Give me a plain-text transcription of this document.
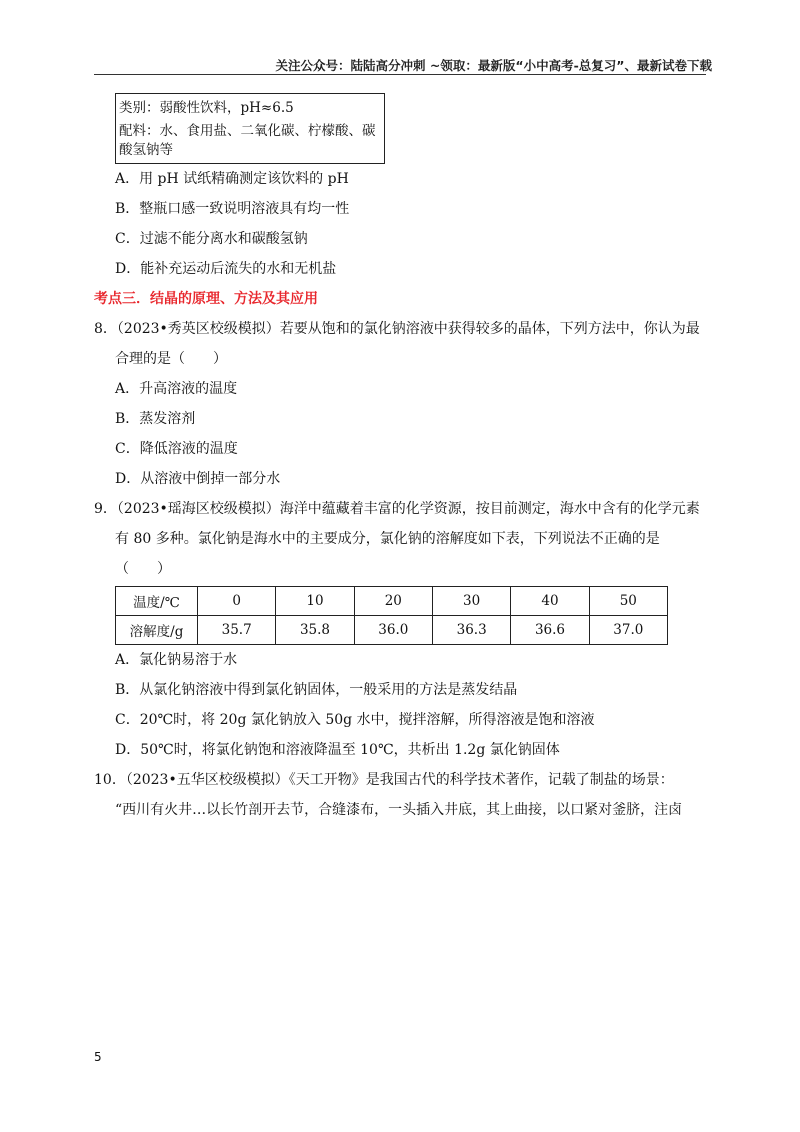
关注公众号：陆陆高分冲刺 ~领取：最新版“小中高考-总复习”、最新试卷下载
类别：弱酸性饮料，pH≈6.5
配料：水、食用盐、二氧化碳、柠檬酸、碳
酸氢钠等
A．用 pH 试纸精确测定该饮料的 pH
B．整瓶口感一致说明溶液具有均一性
C．过滤不能分离水和碳酸氢钠
D．能补充运动后流失的水和无机盐
考点三．结晶的原理、方法及其应用
8．（2023•秀英区校级模拟）若要从饱和的氯化钠溶液中获得较多的晶体，下列方法中，你认为最
合理的是（　　）
A．升高溶液的温度
B．蒸发溶剂
C．降低溶液的温度
D．从溶液中倒掉一部分水
9．（2023•瑶海区校级模拟）海洋中蕴藏着丰富的化学资源，按目前测定，海水中含有的化学元素
有 80 多种。氯化钠是海水中的主要成分，氯化钠的溶解度如下表，下列说法不正确的是
（　　）
温度/℃	0	10	20	30	40	50
溶解度/g	35.7	35.8	36.0	36.3	36.6	37.0
A．氯化钠易溶于水
B．从氯化钠溶液中得到氯化钠固体，一般采用的方法是蒸发结晶
C．20℃时，将 20g 氯化钠放入 50g 水中，搅拌溶解，所得溶液是饱和溶液
D．50℃时，将氯化钠饱和溶液降温至 10℃，共析出 1.2g 氯化钠固体
10．（2023•五华区校级模拟）《天工开物》是我国古代的科学技术著作，记载了制盐的场景：
“西川有火井…以长竹剖开去节，合缝漆布，一头插入井底，其上曲接，以口紧对釜脐，注卤
5
